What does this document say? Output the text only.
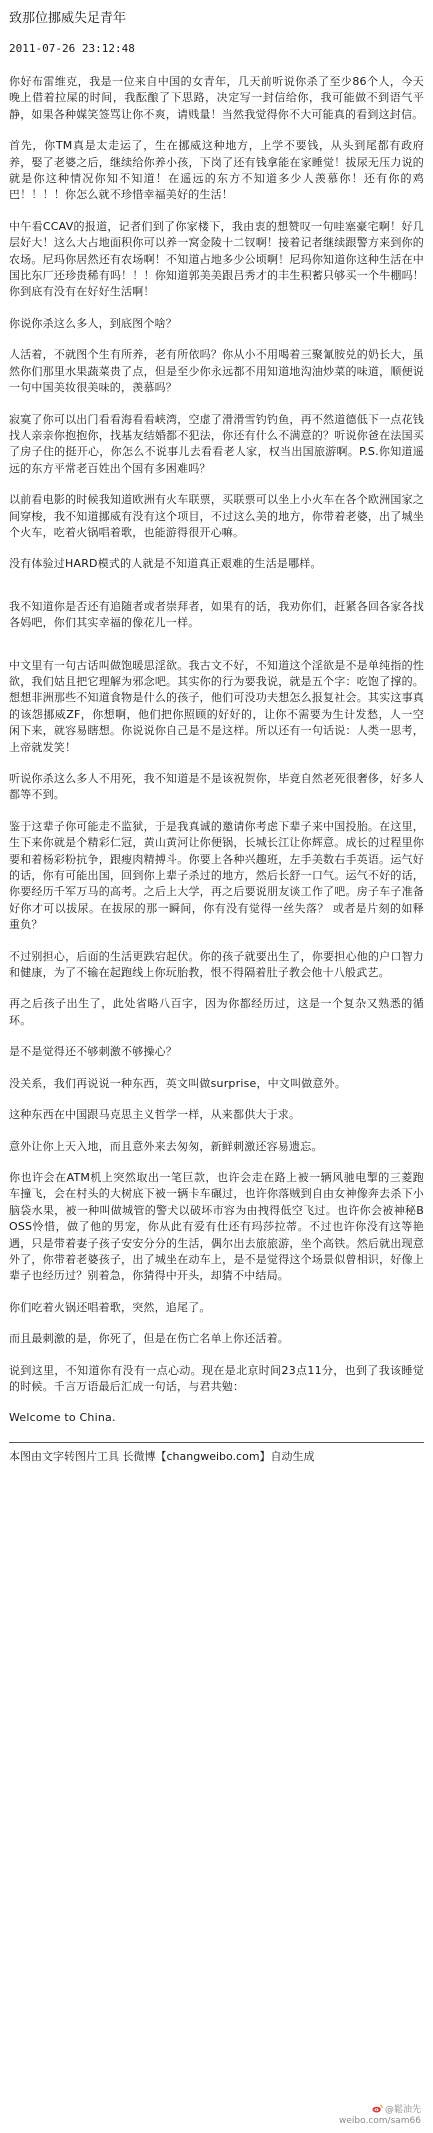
致那位挪威失足青年
2011-07-26 23:12:48

你好布雷维克，我是一位来自中国的女青年，几天前听说你杀了至少86个人，今天晚上借着拉屎的时间，我酝酿了下思路，决定写一封信给你，我可能做不到语气平静，如果各种媒笑签骂让你不爽，请贱量！当然我觉得你不大可能真的看到这封信。

首先，你TM真是太走运了，生在挪威这种地方，上学不要钱，从头到尾都有政府养，娶了老婆之后，继续给你养小孩，下岗了还有钱拿能在家睡觉！拔尿无压力说的就是你这种情况你知不知道！在遥远的东方不知道多少人羡慕你！还有你的鸡巴！！！！你怎么就不珍惜幸福美好的生活！

中午看CCAV的报道，记者们到了你家楼下，我由衷的想赞叹一句哇塞豪宅啊！好几层好大！这么大占地面积你可以养一窝金陵十二钗啊！接着记者继续跟警方来到你的农场。尼玛你居然还有农场啊！不知道占地多少公顷啊！尼玛你知道你这种生活在中国比东厂还珍贵稀有吗！！！你知道郭美美跟吕秀才的丰生积蓄只够买一个牛棚吗！你到底有没有在好好生活啊！

你说你杀这么多人，到底图个啥？

人活着，不就图个生有所养，老有所依吗？你从小不用喝着三聚氰胺兑的奶长大，虽然你们那里水果蔬菜贵了点，但是至少你永远都不用知道地沟油炒菜的味道，顺便说一句中国美妆很美味的，羡慕吗？

寂寞了你可以出门看看海看看峡湾，空虚了滑滑雪钓钓鱼，再不然道德低下一点花钱找人亲亲你抱抱你，找基友结婚都不犯法，你还有什么不满意的？听说你爸在法国买了房子住的挺开心，你怎么不说事儿去看看老人家，权当出国旅游啊。P.S.你知道遥远的东方平常老百姓出个国有多困难吗？

以前看电影的时候我知道欧洲有火车联票，买联票可以坐上小火车在各个欧洲国家之间穿梭，我不知道挪威有没有这个项目，不过这么美的地方，你带着老婆，出了城坐个火车，吃着火锅唱着歌，也能游得很开心嘛。

没有体验过HARD模式的人就是不知道真正艰难的生活是哪样。

我不知道你是否还有追随者或者崇拜者，如果有的话，我劝你们，赶紧各回各家各找各妈吧，你们其实幸福的像花儿一样。

中文里有一句古话叫做饱暖思淫欲。我古文不好，不知道这个淫欲是不是单纯指的性欲，我们姑且把它理解为邪念吧。其实你的行为要我说，就是五个字：吃饱了撑的。想想非洲那些不知道食物是什么的孩子，他们可没功夫想怎么报复社会。其实这事真的该怨挪威ZF，你想啊，他们把你照顾的好好的，让你不需要为生计发愁，人一空闲下来，就容易瞎想。你说说你自己是不是这样。所以还有一句话说：人类一思考，上帝就发笑！

听说你杀这么多人不用死，我不知道是不是该祝贺你，毕竟自然老死很奢侈，好多人都等不到。

鉴于这辈子你可能走不监狱，于是我真诚的邀请你考虑下辈子来中国投胎。在这里，生下来你就是个精彩仁冠，黄山黄河让你便锅，长城长江让你辉意。成长的过程里你要和着杨彩粉抗争，跟瘦肉精搏斗。你要上各种兴趣班，左手美数右手英语。运气好的话，你有可能出国，回到你上辈子杀过的地方，然后长舒一口气。运气不好的话，你要经历千军万马的高考。之后上大学，再之后要说朋友谈工作了吧。房子车子准备好你才可以拔尿。在拔尿的那一瞬间，你有没有觉得一丝失落？ 或者是片刻的如释重负？

不过别担心，后面的生活更跌宕起伏。你的孩子就要出生了，你要担心他的户口智力和健康，为了不输在起跑线上你玩胎教，恨不得隔着肚子教会他十八般武艺。

再之后孩子出生了，此处省略八百字，因为你都经历过，这是一个复杂又熟悉的循环。

是不是觉得还不够刺激不够操心？

没关系，我们再说说一种东西，英文叫做surprise，中文叫做意外。

这种东西在中国跟马克思主义哲学一样，从来都供大于求。

意外让你上天入地，而且意外来去匆匆，新鲜刺激还容易遗忘。

你也许会在ATM机上突然取出一笔巨款，也许会走在路上被一辆风驰电掣的三菱跑车撞飞，会在村头的大树底下被一辆卡车碾过，也许你落贼到自由女神像奔去杀下小脑袋水果，被一种叫做城管的警犬以破坏市容为由拽得低空飞过。也许你会被神秘BOSS怜惜，做了他的男宠，你从此有爱有仕还有玛莎拉蒂。不过也许你没有这等艳遇，只是带着妻子孩子安安分分的生活，偶尔出去旅旅游，坐个高铁。然后就出现意外了，你带着老婆孩子，出了城坐在动车上，是不是觉得这个场景似曾相识，好像上辈子也经历过？别着急，你猜得中开头，却猜不中结局。

你们吃着火锅还唱着歌，突然，追尾了。

而且最刺激的是，你死了，但是在伤亡名单上你还活着。

说到这里，不知道你有没有一点心动。现在是北京时间23点11分，也到了我该睡觉的时候。千言万语最后汇成一句话，与君共勉：

Welcome to China.

本图由文字转图片工具 长微博【changweibo.com】自动生成
@鬆油先
weibo.com/sam66
